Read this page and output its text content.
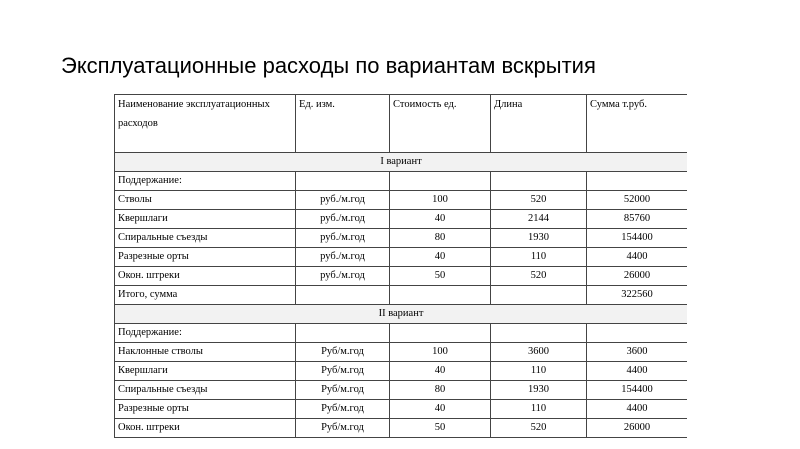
Эксплуатационные расходы по вариантам вскрытия
Наименование эксплуатационных расходов	Ед. изм.	Стоимость ед.	Длина	Сумма т.руб.
I вариант				
Поддержание:				
Стволы	руб./м.год	100	520	52000
Квершлаги	руб./м.год	40	2144	85760
Спиральные съезды	руб./м.год	80	1930	154400
Разрезные орты	руб./м.год	40	110	4400
Окон. штреки	руб./м.год	50	520	26000
Итого, сумма				322560
II вариант				
Поддержание:				
Наклонные стволы	Руб/м.год	100	3600	3600
Квершлаги	Руб/м.год	40	110	4400
Спиральные съезды	Руб/м.год	80	1930	154400
Разрезные орты	Руб/м.год	40	110	4400
Окон. штреки	Руб/м.год	50	520	26000
